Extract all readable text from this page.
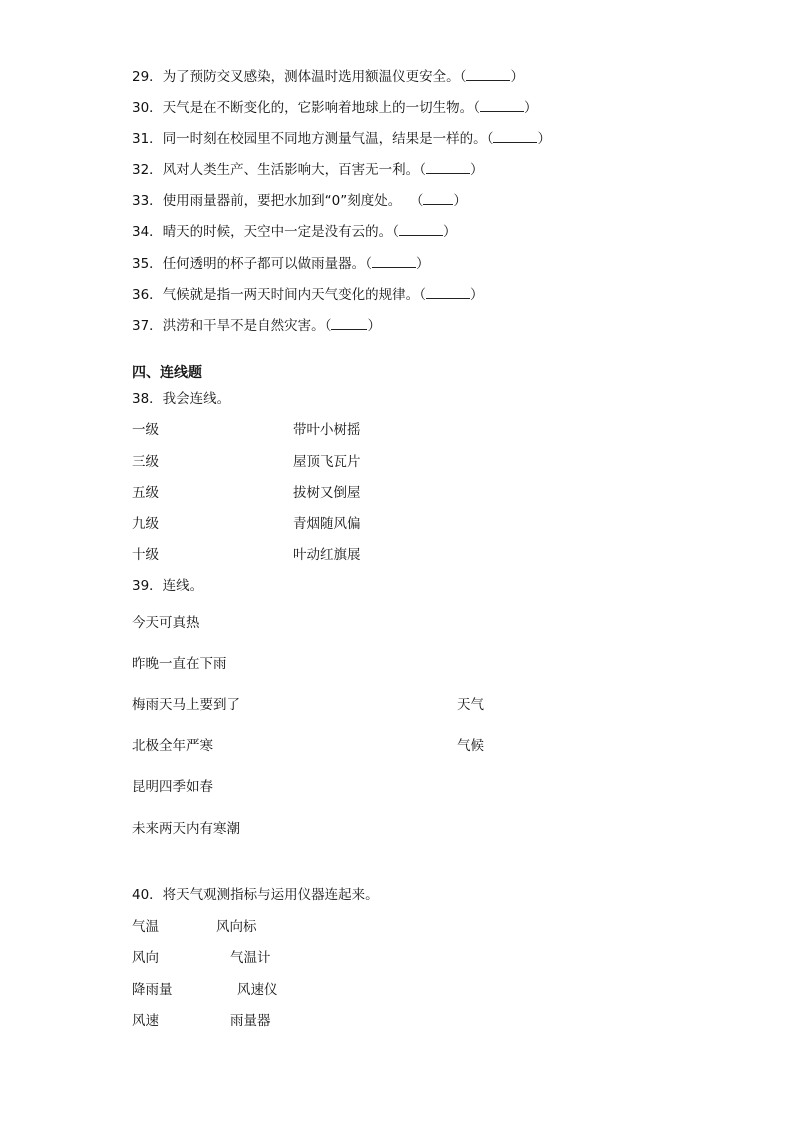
29．为了预防交叉感染，测体温时选用额温仪更安全。（	）
30．天气是在不断变化的，它影响着地球上的一切生物。（	）
31．同一时刻在校园里不同地方测量气温，结果是一样的。（	）
32．风对人类生产、生活影响大，百害无一利。（	）
33．使用雨量器前，要把水加到“0”刻度处。  （ ）
34．晴天的时候，天空中一定是没有云的。（	）
35．任何透明的杯子都可以做雨量器。（	）
36．气候就是指一两天时间内天气变化的规律。（	）
37．洪涝和干旱不是自然灾害。（	）
四、连线题
38．我会连线。
一级	带叶小树摇
三级	屋顶飞瓦片
五级	拔树又倒屋
九级	青烟随风偏
十级	叶动红旗展
39．连线。
今天可真热
昨晚一直在下雨
梅雨天马上要到了	天气
北极全年严寒	气候
昆明四季如春
未来两天内有寒潮
40．将天气观测指标与运用仪器连起来。
气温	风向标
风向	气温计
降雨量	风速仪
风速	雨量器
